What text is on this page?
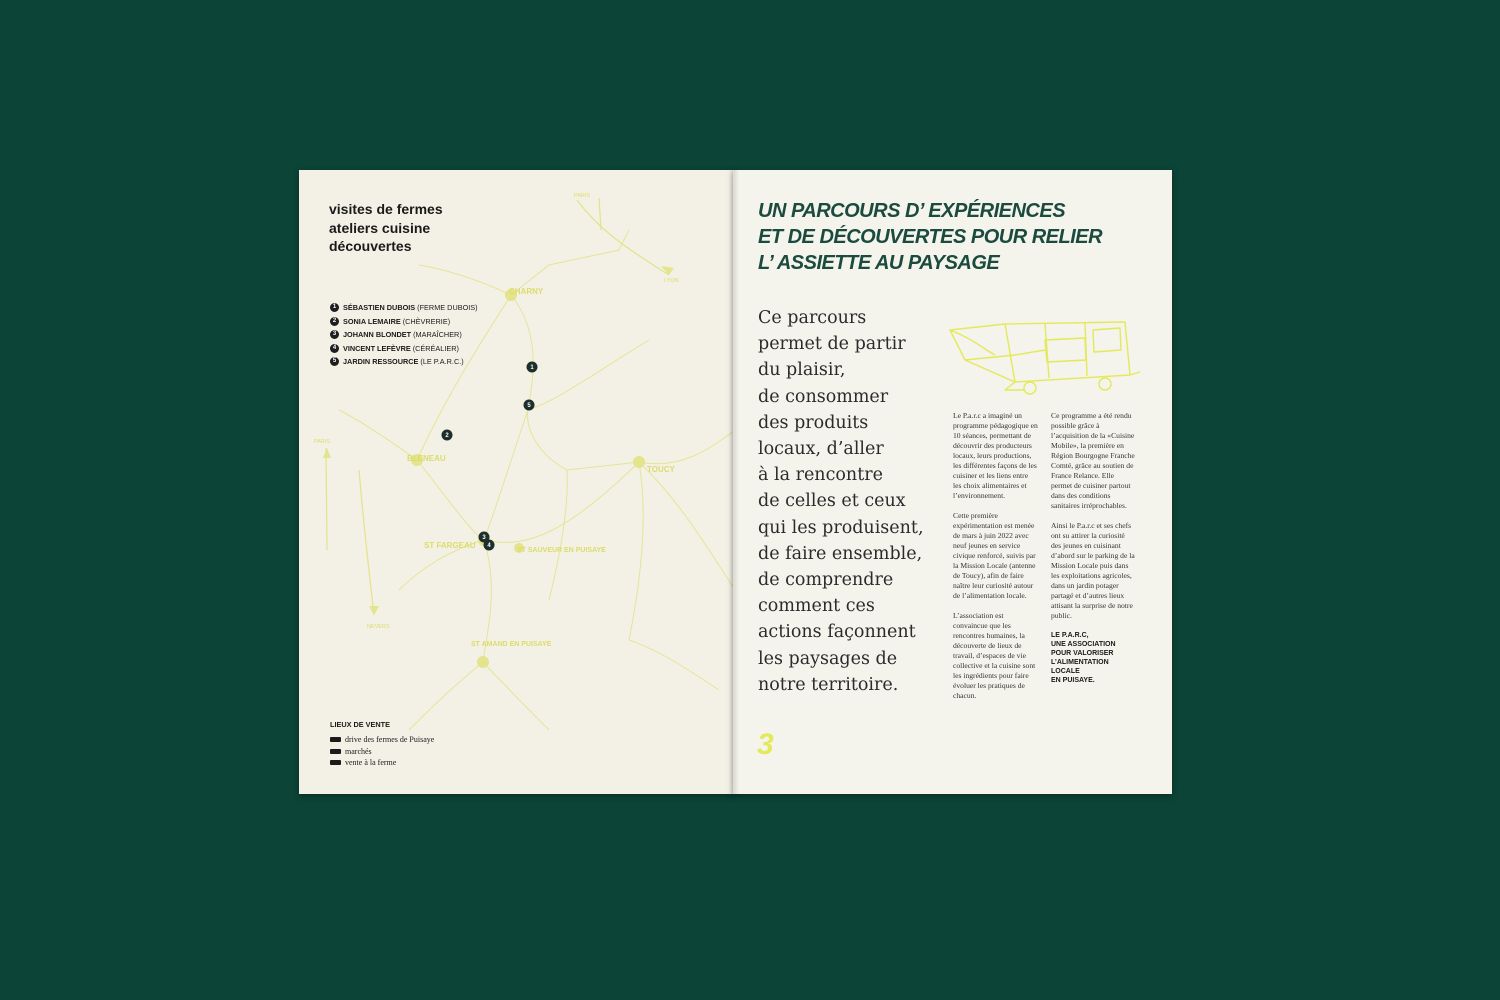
1
2
3
4
5
CHARNY
BLENEAU
TOUCY
ST FARGEAU
ST SAUVEUR EN PUISAYE
ST AMAND EN PUISAYE
PARIS
LYON
PARIS
NEVERS
visites de fermes
ateliers cuisine
découvertes
1 SÉBASTIEN DUBOIS (FERME DUBOIS)
2 SONIA LEMAIRE (CHÈVRERIE)
3 JOHANN BLONDET (MARAÎCHER)
4 VINCENT LEFÈVRE (CÉRÉALIER)
5 JARDIN RESSOURCE (LE P.A.R.C.)
LIEUX DE VENTE
drive des fermes de Puisaye
marchés
vente à la ferme
UN PARCOURS D’ EXPÉRIENCES
ET DE DÉCOUVERTES POUR RELIER
L’ ASSIETTE AU PAYSAGE
Ce parcours
permet de partir
du plaisir,
de consommer
des produits
locaux, d’aller
à la rencontre
de celles et ceux
qui les produisent,
de faire ensemble,
de comprendre
comment ces
actions façonnent
les paysages de
notre territoire.

Le P.a.r.c a imaginé un programme pédagogique en 10 séances, permettant de découvrir des producteurs locaux, leurs productions, les différentes façons de les cuisiner et les liens entre les choix alimentaires et l’environnement.

Cette première expérimentation est menée de mars à juin 2022 avec neuf jeunes en service civique renforcé, suivis par la Mission Locale (antenne de Toucy), afin de faire naître leur curiosité autour de l’alimentation locale.

L’association est convaincue que les rencontres humaines, la découverte de lieux de travail, d’espaces de vie collective et la cuisine sont les ingrédients pour faire évoluer les pratiques de chacun.

Ce programme a été rendu possible grâce à l’acquisition de la «Cuisine Mobile», la première en Région Bourgogne Franche Comté, grâce au soutien de France Relance. Elle permet de cuisiner partout dans des conditions sanitaires irréprochables.

Ainsi le P.a.r.c et ses chefs ont su attirer la curiosité des jeunes en cuisinant d’abord sur le parking de la Mission Locale puis dans les exploitations agricoles, dans un jardin potager partagé et d’autres lieux attisant la surprise de notre public.

LE P.A.R.C,
UNE ASSOCIATION
POUR VALORISER
L’ALIMENTATION
LOCALE
EN PUISAYE.
3
